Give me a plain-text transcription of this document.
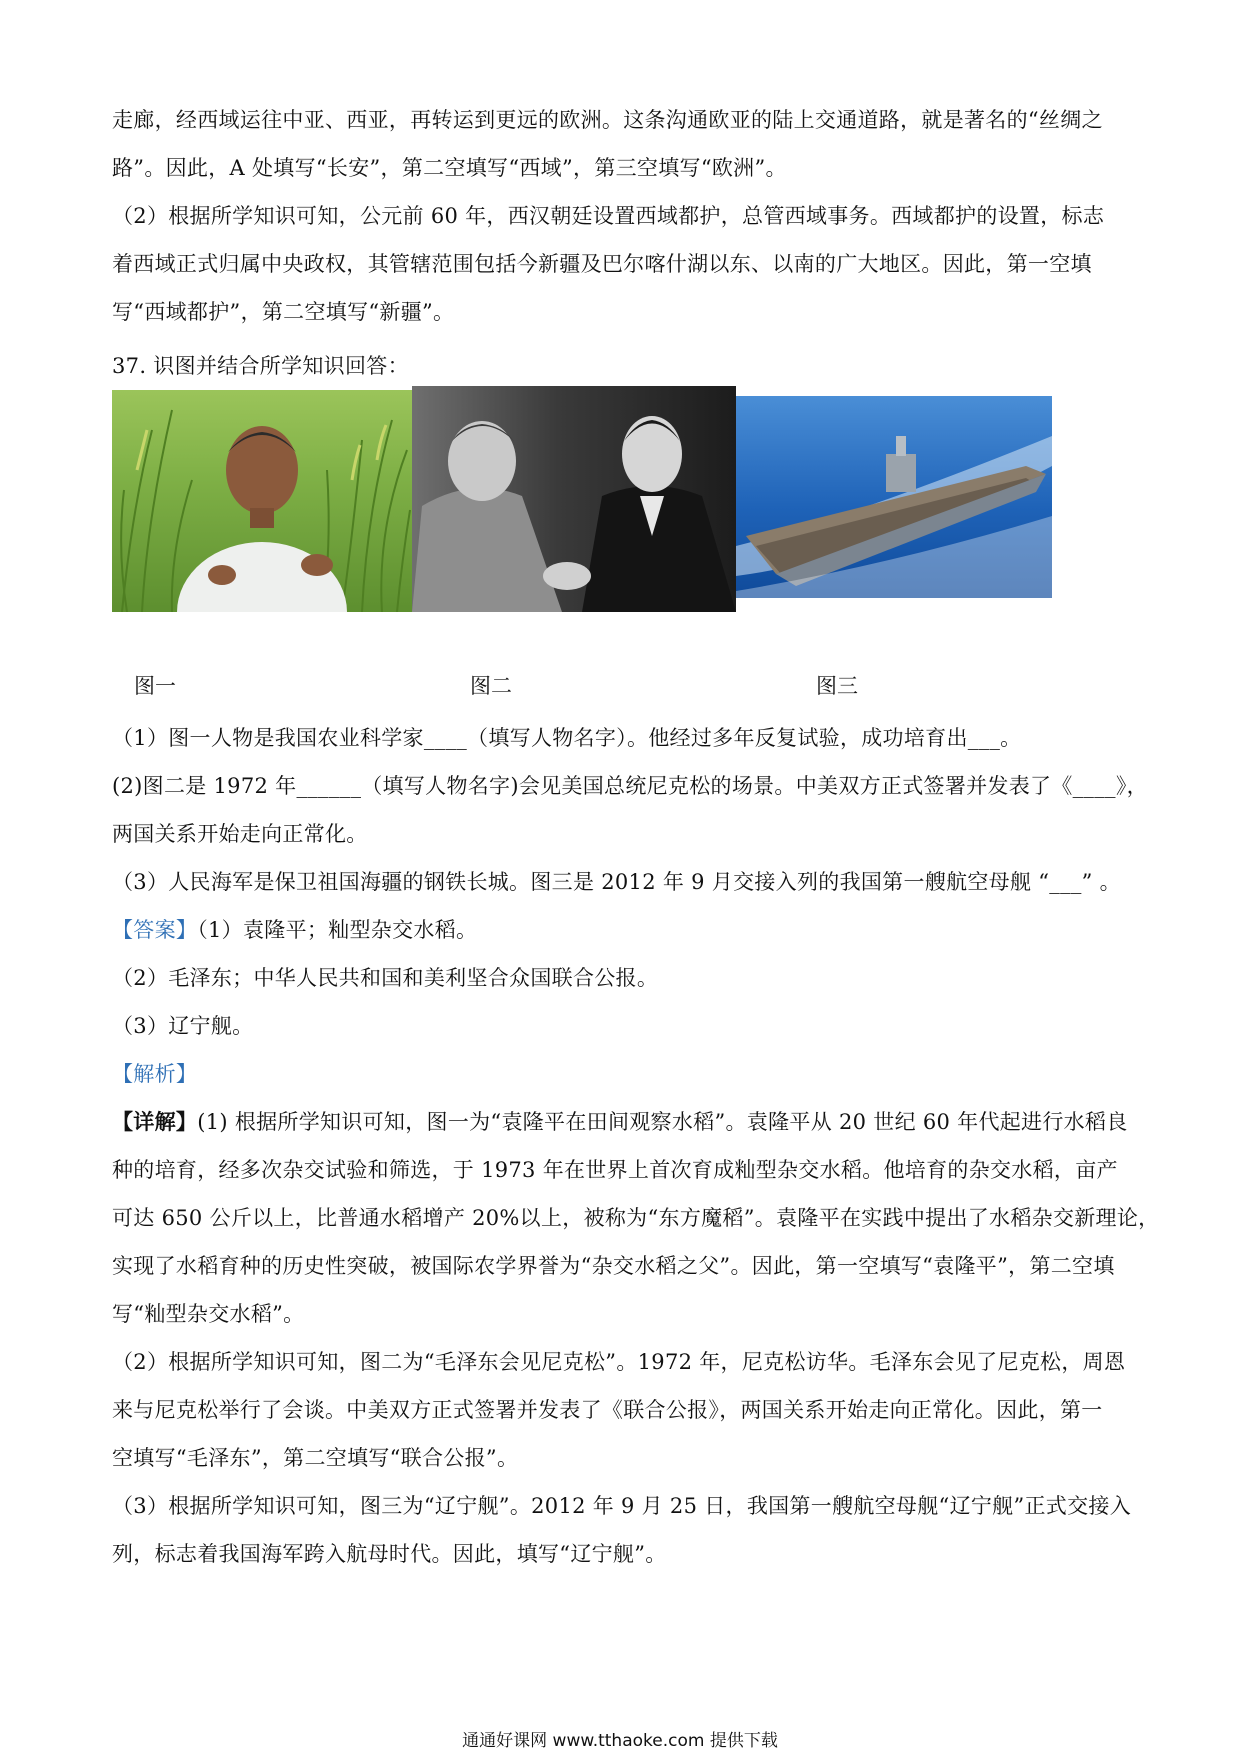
走廊，经西域运往中亚、西亚，再转运到更远的欧洲。这条沟通欧亚的陆上交通道路，就是著名的“丝绸之
路”。因此，A 处填写“长安”，第二空填写“西域”，第三空填写“欧洲”。
（2）根据所学知识可知，公元前 60 年，西汉朝廷设置西域都护，总管西域事务。西域都护的设置，标志
着西域正式归属中央政权，其管辖范围包括今新疆及巴尔喀什湖以东、以南的广大地区。因此，第一空填
写“西域都护”，第二空填写“新疆”。
37. 识图并结合所学知识回答：
图一	图二	图三
（1）图一人物是我国农业科学家____（填写人物名字）。他经过多年反复试验，成功培育出___。
(2)图二是 1972 年______（填写人物名字)会见美国总统尼克松的场景。中美双方正式签署并发表了《____》，
两国关系开始走向正常化。
（3）人民海军是保卫祖国海疆的钢铁长城。图三是 2012 年 9 月交接入列的我国第一艘航空母舰 “___” 。
【答案】（1）袁隆平；籼型杂交水稻。
（2）毛泽东；中华人民共和国和美利坚合众国联合公报。
（3）辽宁舰。
【解析】
【详解】(1) 根据所学知识可知，图一为“袁隆平在田间观察水稻”。袁隆平从 20 世纪 60 年代起进行水稻良
种的培育，经多次杂交试验和筛选，于 1973 年在世界上首次育成籼型杂交水稻。他培育的杂交水稻，亩产
可达 650 公斤以上，比普通水稻增产 20%以上，被称为“东方魔稻”。袁隆平在实践中提出了水稻杂交新理论，
实现了水稻育种的历史性突破，被国际农学界誉为“杂交水稻之父”。因此，第一空填写“袁隆平”，第二空填
写“籼型杂交水稻”。
（2）根据所学知识可知，图二为“毛泽东会见尼克松”。1972 年，尼克松访华。毛泽东会见了尼克松，周恩
来与尼克松举行了会谈。中美双方正式签署并发表了《联合公报》，两国关系开始走向正常化。因此，第一
空填写“毛泽东”，第二空填写“联合公报”。
（3）根据所学知识可知，图三为“辽宁舰”。2012 年 9 月 25 日，我国第一艘航空母舰“辽宁舰”正式交接入
列，标志着我国海军跨入航母时代。因此，填写“辽宁舰”。
通通好课网 www.tthaoke.com 提供下载
